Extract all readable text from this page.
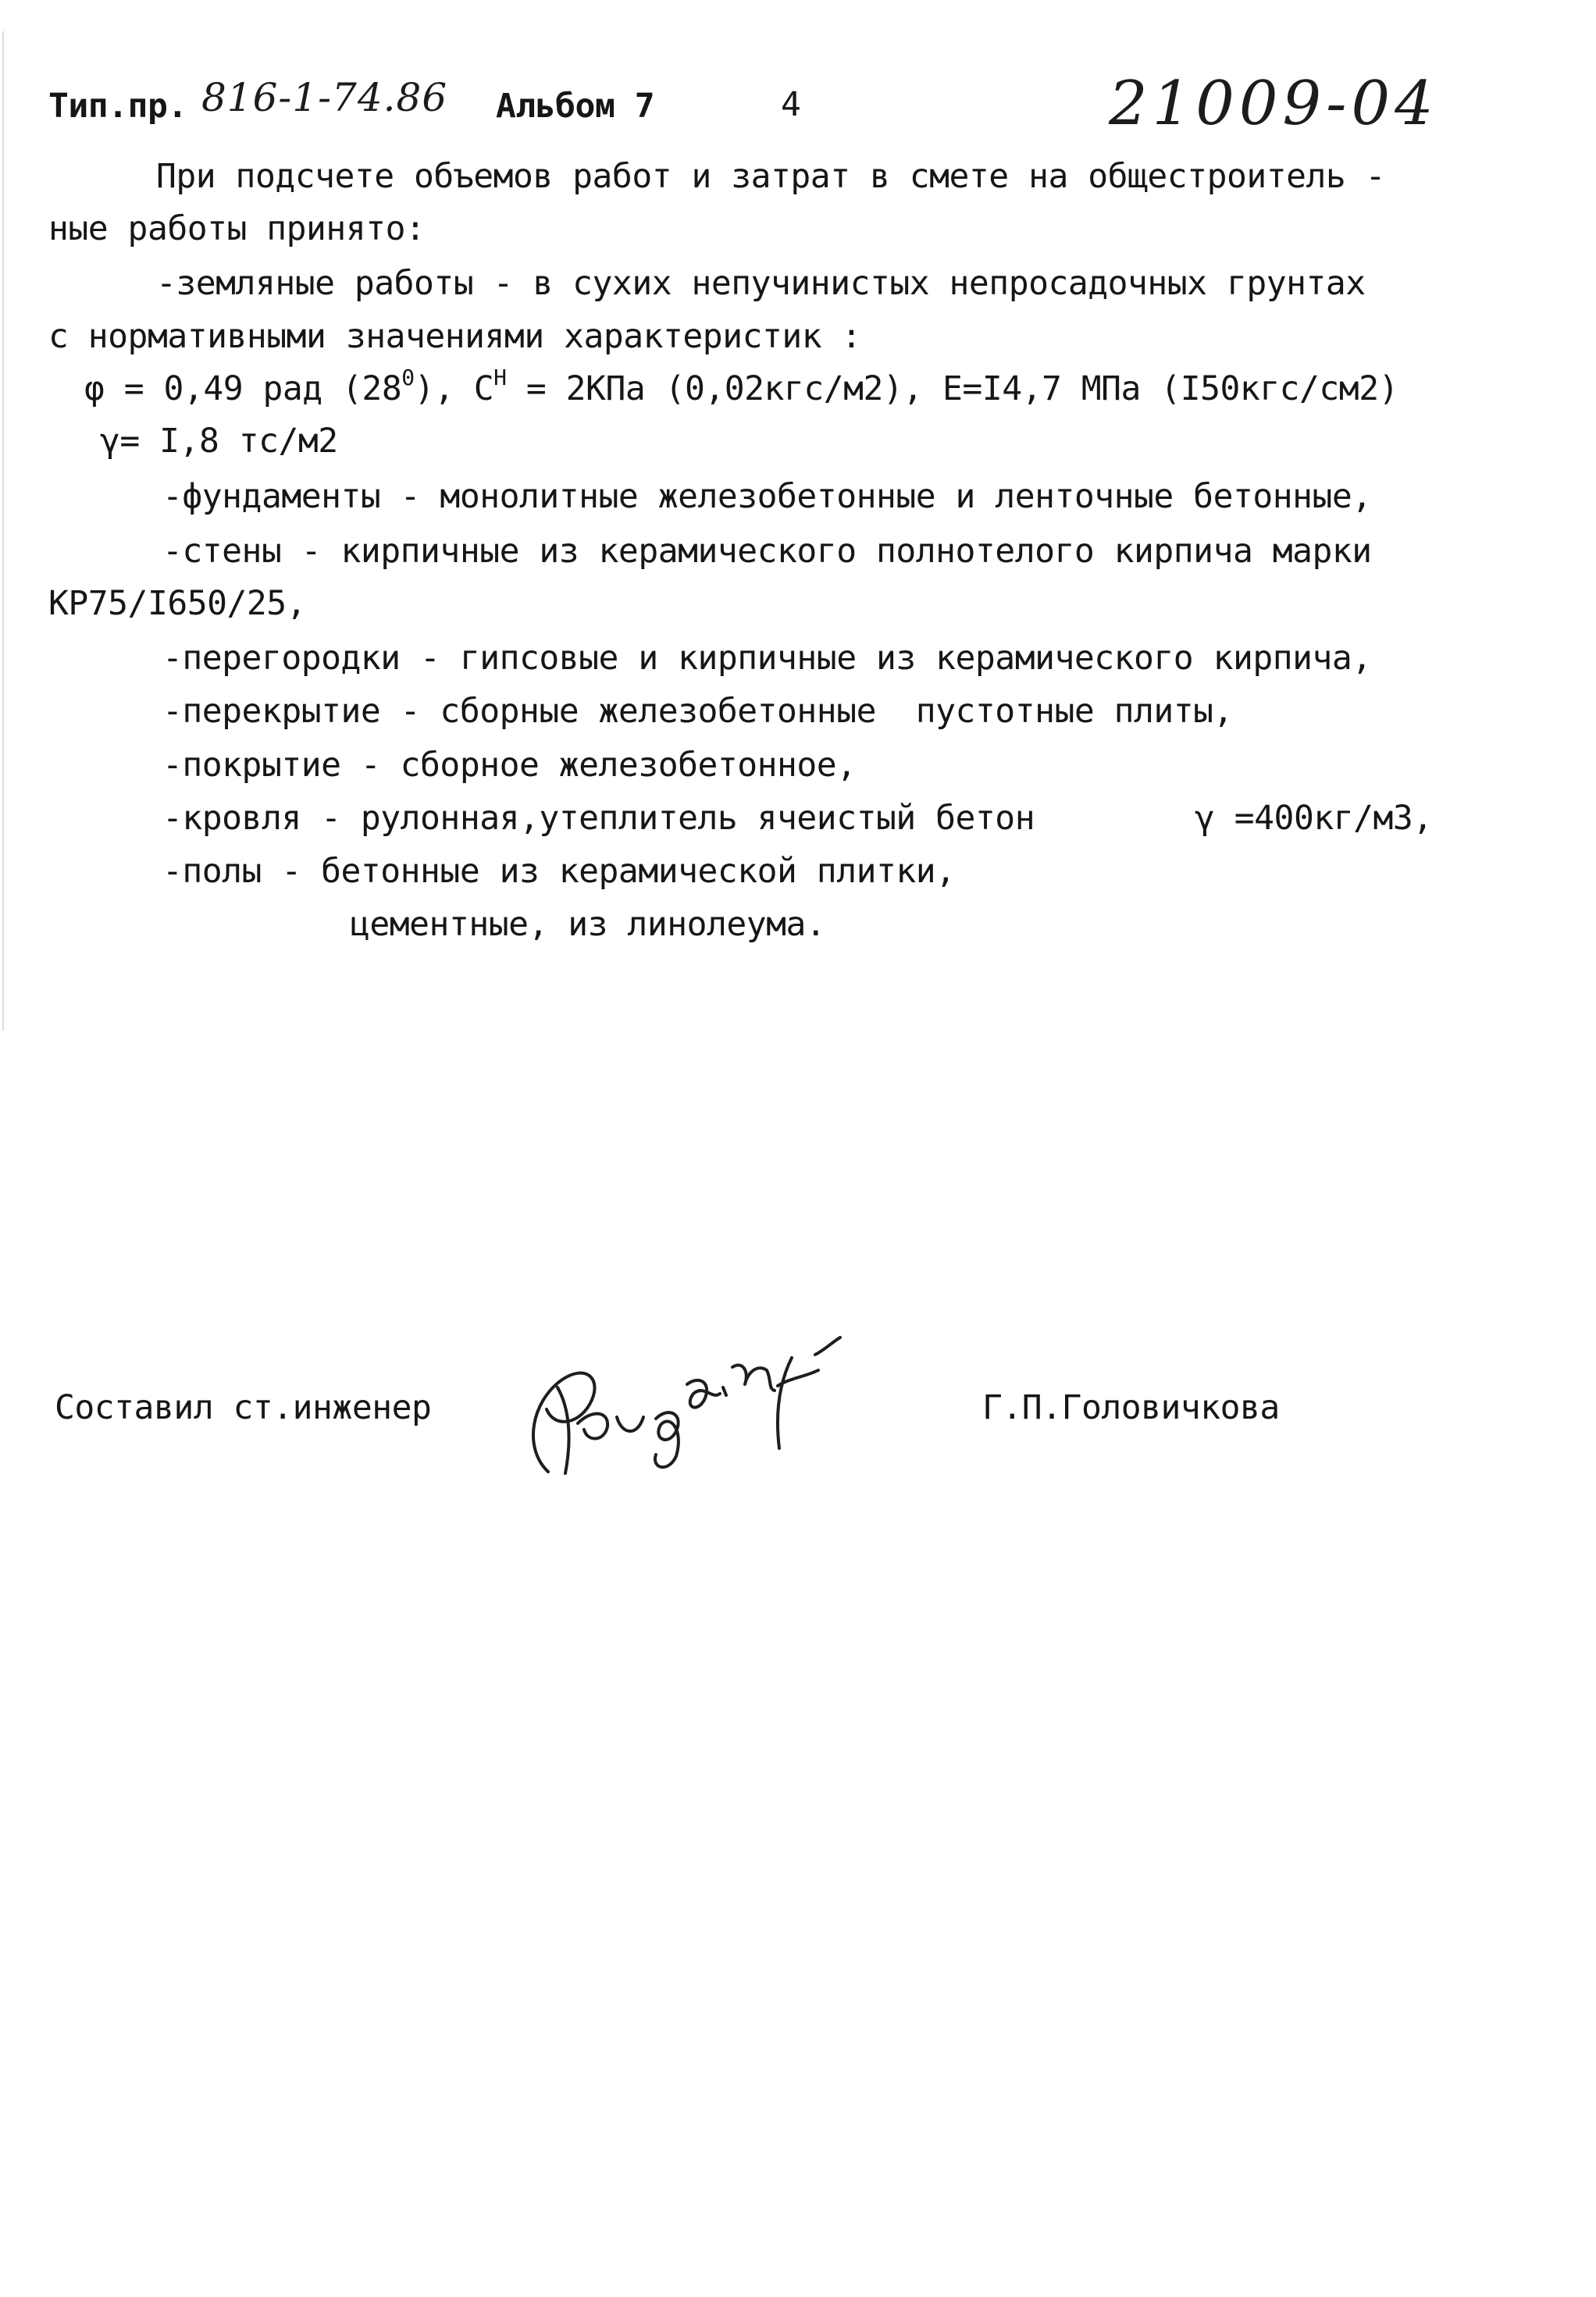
Тип.пр. 816-1-74.86 Альбом 7	4	21009-04
При подсчете объемов работ и затрат в смете на общестроитель -
ные работы принято:
-земляные работы - в сухих непучинистых непросадочных грунтах
с нормативными значениями характеристик :
φ = 0,49 рад $(28^0)$, $С^Н = 2КПа$ (0,02кгс/м2), Е=I4,7 МПа (I50кгс/см2)
γ= I,8 тс/м2
-фундаменты - монолитные железобетонные и ленточные бетонные,
-стены - кирпичные из керамического полнотелого кирпича марки
КР75/I650/25,
-перегородки - гипсовые и кирпичные из керамического кирпича,
-перекрытие - сборные железобетонные  пустотные плиты,
-покрытие - сборное железобетонное,
-кровля - рулонная,утеплитель ячеистый бетон	γ =400кг/м3,
-полы - бетонные из керамической плитки,
цементные, из линолеума.
Составил ст.инженер	Г.П.Головичкова
